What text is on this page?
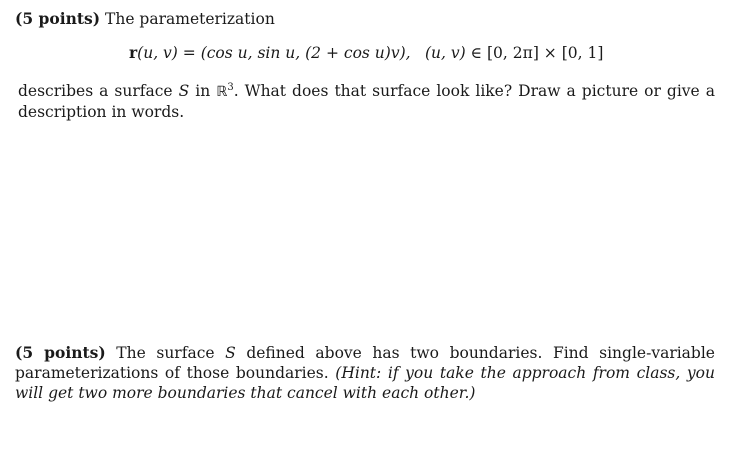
(5 points) The parameterization
r(u, v) = (cos u, sin u, (2 + cos u)v), (u, v) ∈ [0, 2π] × [0, 1]
describes a surface S in ℝ$^3$. What does that surface look like? Draw a picture or give a description in words.
(5 points) The surface S defined above has two boundaries. Find single-variable parameterizations of those boundaries. (Hint: if you take the approach from class, you will get two more boundaries that cancel with each other.)
